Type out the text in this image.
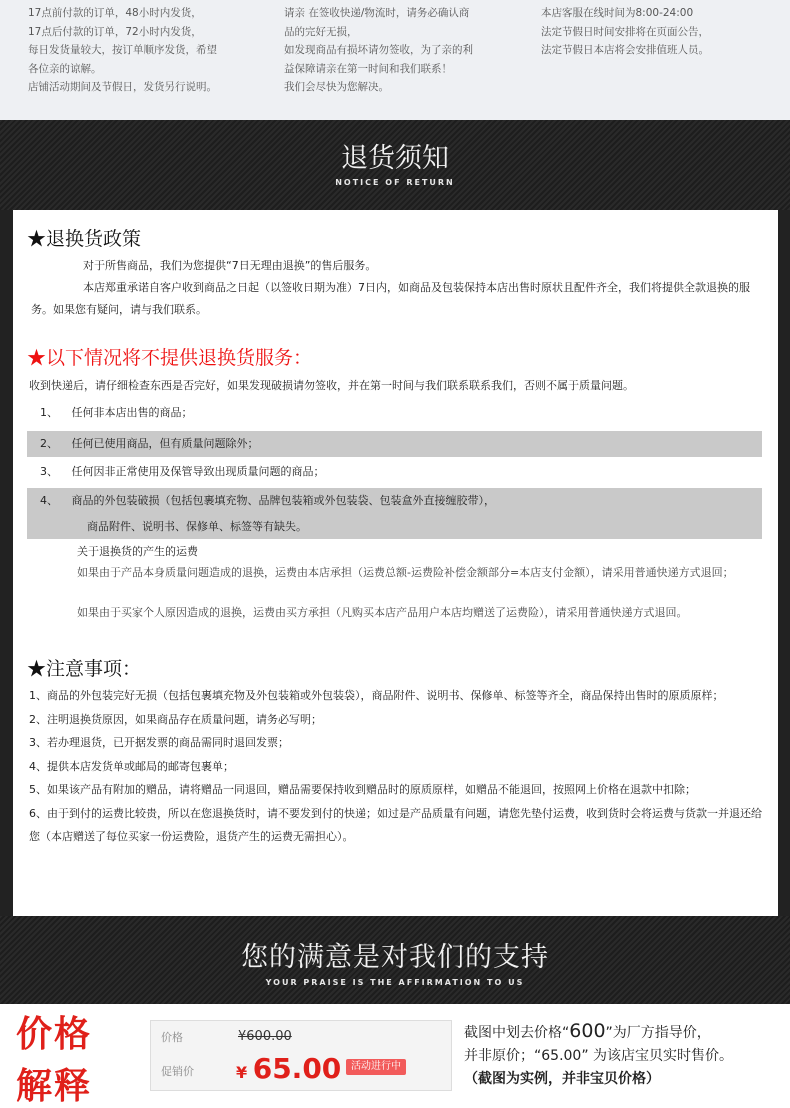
17点前付款的订单，48小时内发货，
17点后付款的订单，72小时内发货，
每日发货量较大，按订单顺序发货，希望
各位亲的谅解。
店铺活动期间及节假日，发货另行说明。
请亲 在签收快递/物流时，请务必确认商
品的完好无损，
如发现商品有损坏请勿签收，为了亲的利
益保障请亲在第一时间和我们联系！
我们会尽快为您解决。
本店客服在线时间为8:00-24:00
法定节假日时间安排将在页面公告，
法定节假日本店将会安排值班人员。
退货须知
NOTICE OF RETURN
★退换货政策
对于所售商品，我们为您提供“7日无理由退换”的售后服务。
本店郑重承诺自客户收到商品之日起（以签收日期为准）7日内，如商品及包装保持本店出售时原状且配件齐全，我们将提供全款退换的服务。如果您有疑问，请与我们联系。
★以下情况将不提供退换货服务：
收到快递后，请仔细检查东西是否完好，如果发现破损请勿签收，并在第一时间与我们联系联系我们，否则不属于质量问题。
1、 任何非本店出售的商品；
2、 任何已使用商品，但有质量问题除外；
3、 任何因非正常使用及保管导致出现质量问题的商品；
4、 商品的外包装破损（包括包裹填充物、品牌包装箱或外包装袋、包装盒外直接缠胶带），
商品附件、说明书、保修单、标签等有缺失。
关于退换货的产生的运费
如果由于产品本身质量问题造成的退换，运费由本店承担（运费总额-运费险补偿金额部分=本店支付金额），请采用普通快递方式退回；
如果由于买家个人原因造成的退换，运费由买方承担（凡购买本店产品用户本店均赠送了运费险），请采用普通快递方式退回。
★注意事项：
1、商品的外包装完好无损（包括包裹填充物及外包装箱或外包装袋），商品附件、说明书、保修单、标签等齐全，商品保持出售时的原质原样；
2、注明退换货原因，如果商品存在质量问题，请务必写明；
3、若办理退货，已开据发票的商品需同时退回发票；
4、提供本店发货单或邮局的邮寄包裹单；
5、如果该产品有附加的赠品，请将赠品一同退回，赠品需要保持收到赠品时的原质原样，如赠品不能退回，按照网上价格在退款中扣除；
6、由于到付的运费比较贵，所以在您退换货时，请不要发到付的快递；如过是产品质量有问题，请您先垫付运费，收到货时会将运费与货款一并退还给您（本店赠送了每位买家一份运费险，退货产生的运费无需担心）。
您的满意是对我们的支持
YOUR PRAISE IS THE AFFIRMATION TO US
价格
解释
价格	¥600.00
促销价	¥ 65.00 活动进行中
截图中划去价格“600”为厂方指导价，
并非原价；“65.00” 为该店宝贝实时售价。
（截图为实例，并非宝贝价格）
